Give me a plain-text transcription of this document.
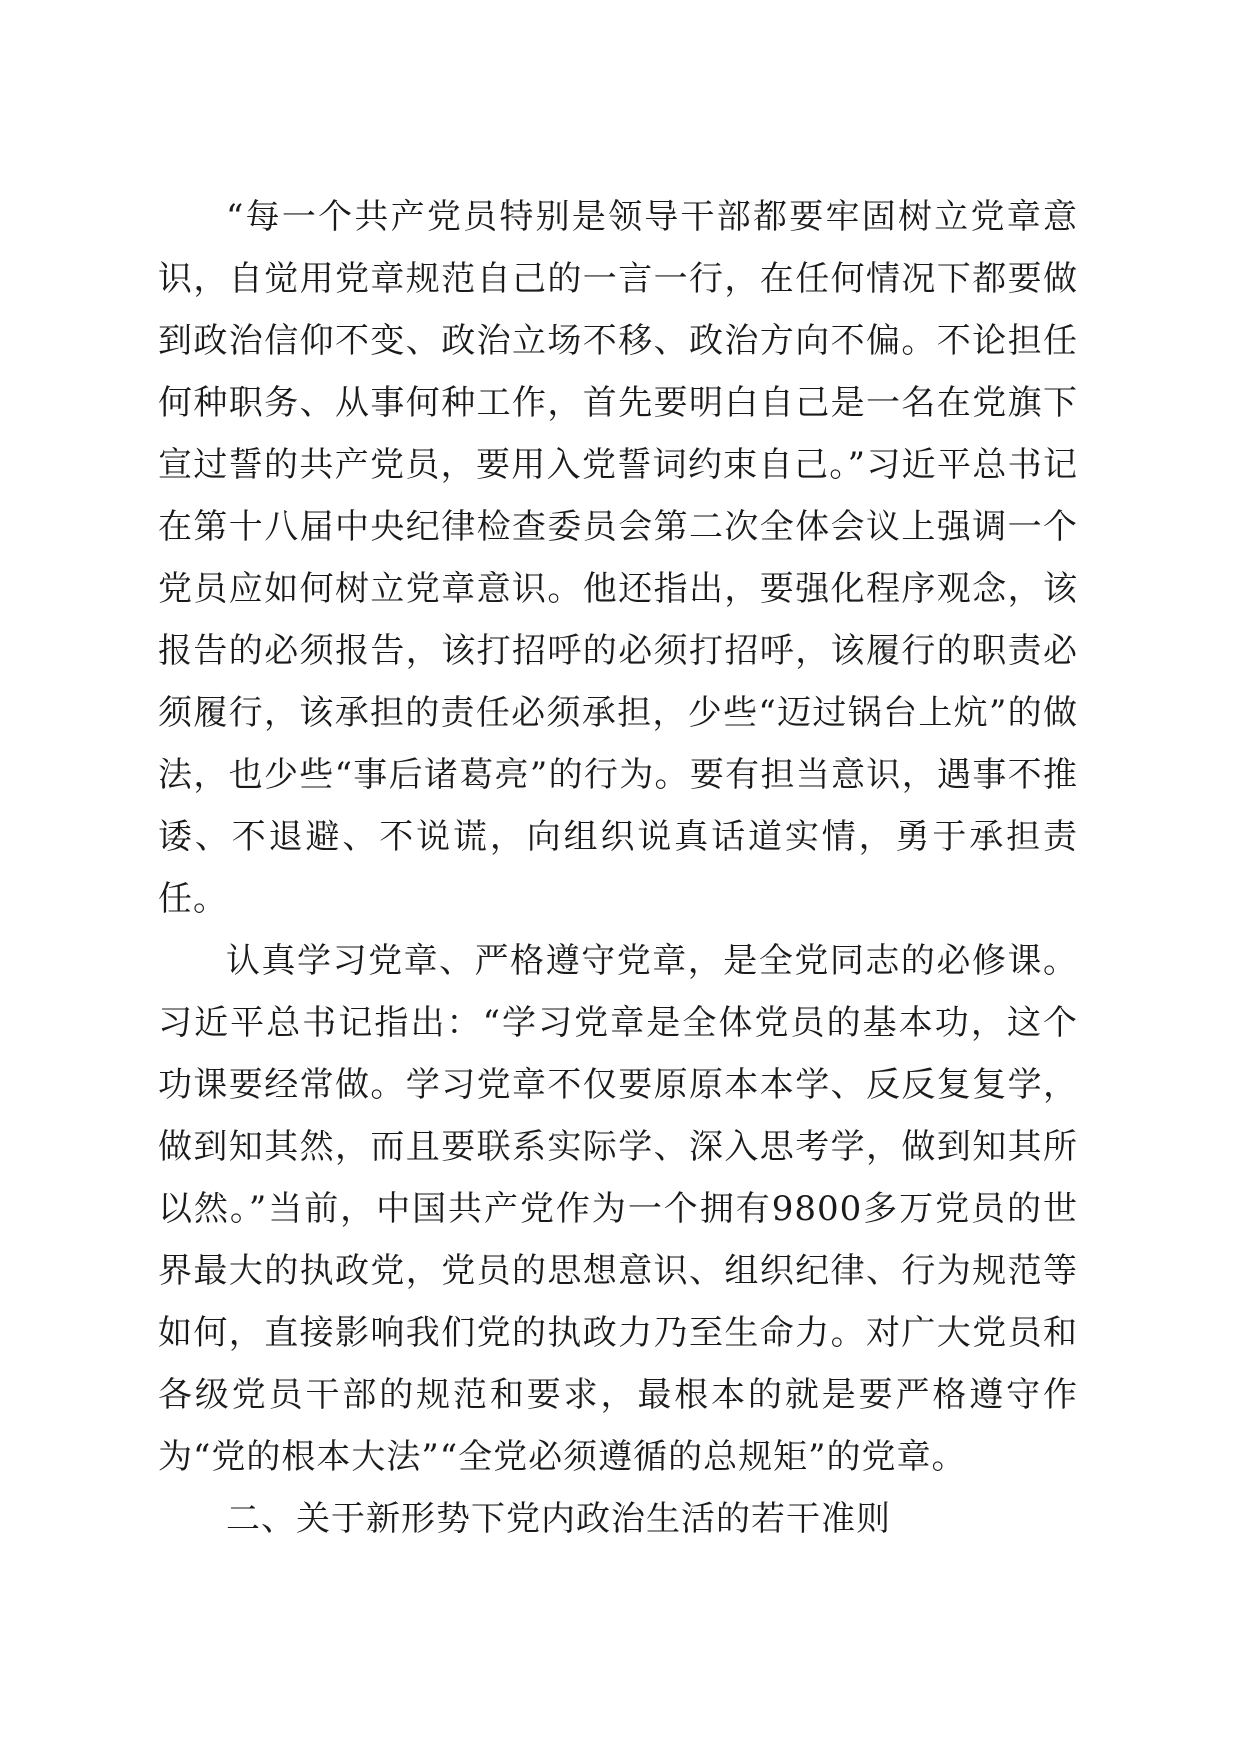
“每一个共产党员特别是领导干部都要牢固树立党章意识，自觉用党章规范自己的一言一行，在任何情况下都要做到政治信仰不变、政治立场不移、政治方向不偏。不论担任何种职务、从事何种工作，首先要明白自己是一名在党旗下宣过誓的共产党员，要用入党誓词约束自己。”习近平总书记在第十八届中央纪律检查委员会第二次全体会议上强调一个党员应如何树立党章意识。他还指出，要强化程序观念，该报告的必须报告，该打招呼的必须打招呼，该履行的职责必须履行，该承担的责任必须承担，少些“迈过锅台上炕”的做法，也少些“事后诸葛亮”的行为。要有担当意识，遇事不推诿、不退避、不说谎，向组织说真话道实情，勇于承担责任。

认真学习党章、严格遵守党章，是全党同志的必修课。习近平总书记指出：“学习党章是全体党员的基本功，这个功课要经常做。学习党章不仅要原原本本学、反反复复学，做到知其然，而且要联系实际学、深入思考学，做到知其所以然。”当前，中国共产党作为一个拥有9800多万党员的世界最大的执政党，党员的思想意识、组织纪律、行为规范等如何，直接影响我们党的执政力乃至生命力。对广大党员和各级党员干部的规范和要求，最根本的就是要严格遵守作为“党的根本大法”“全党必须遵循的总规矩”的党章。

二、关于新形势下党内政治生活的若干准则
